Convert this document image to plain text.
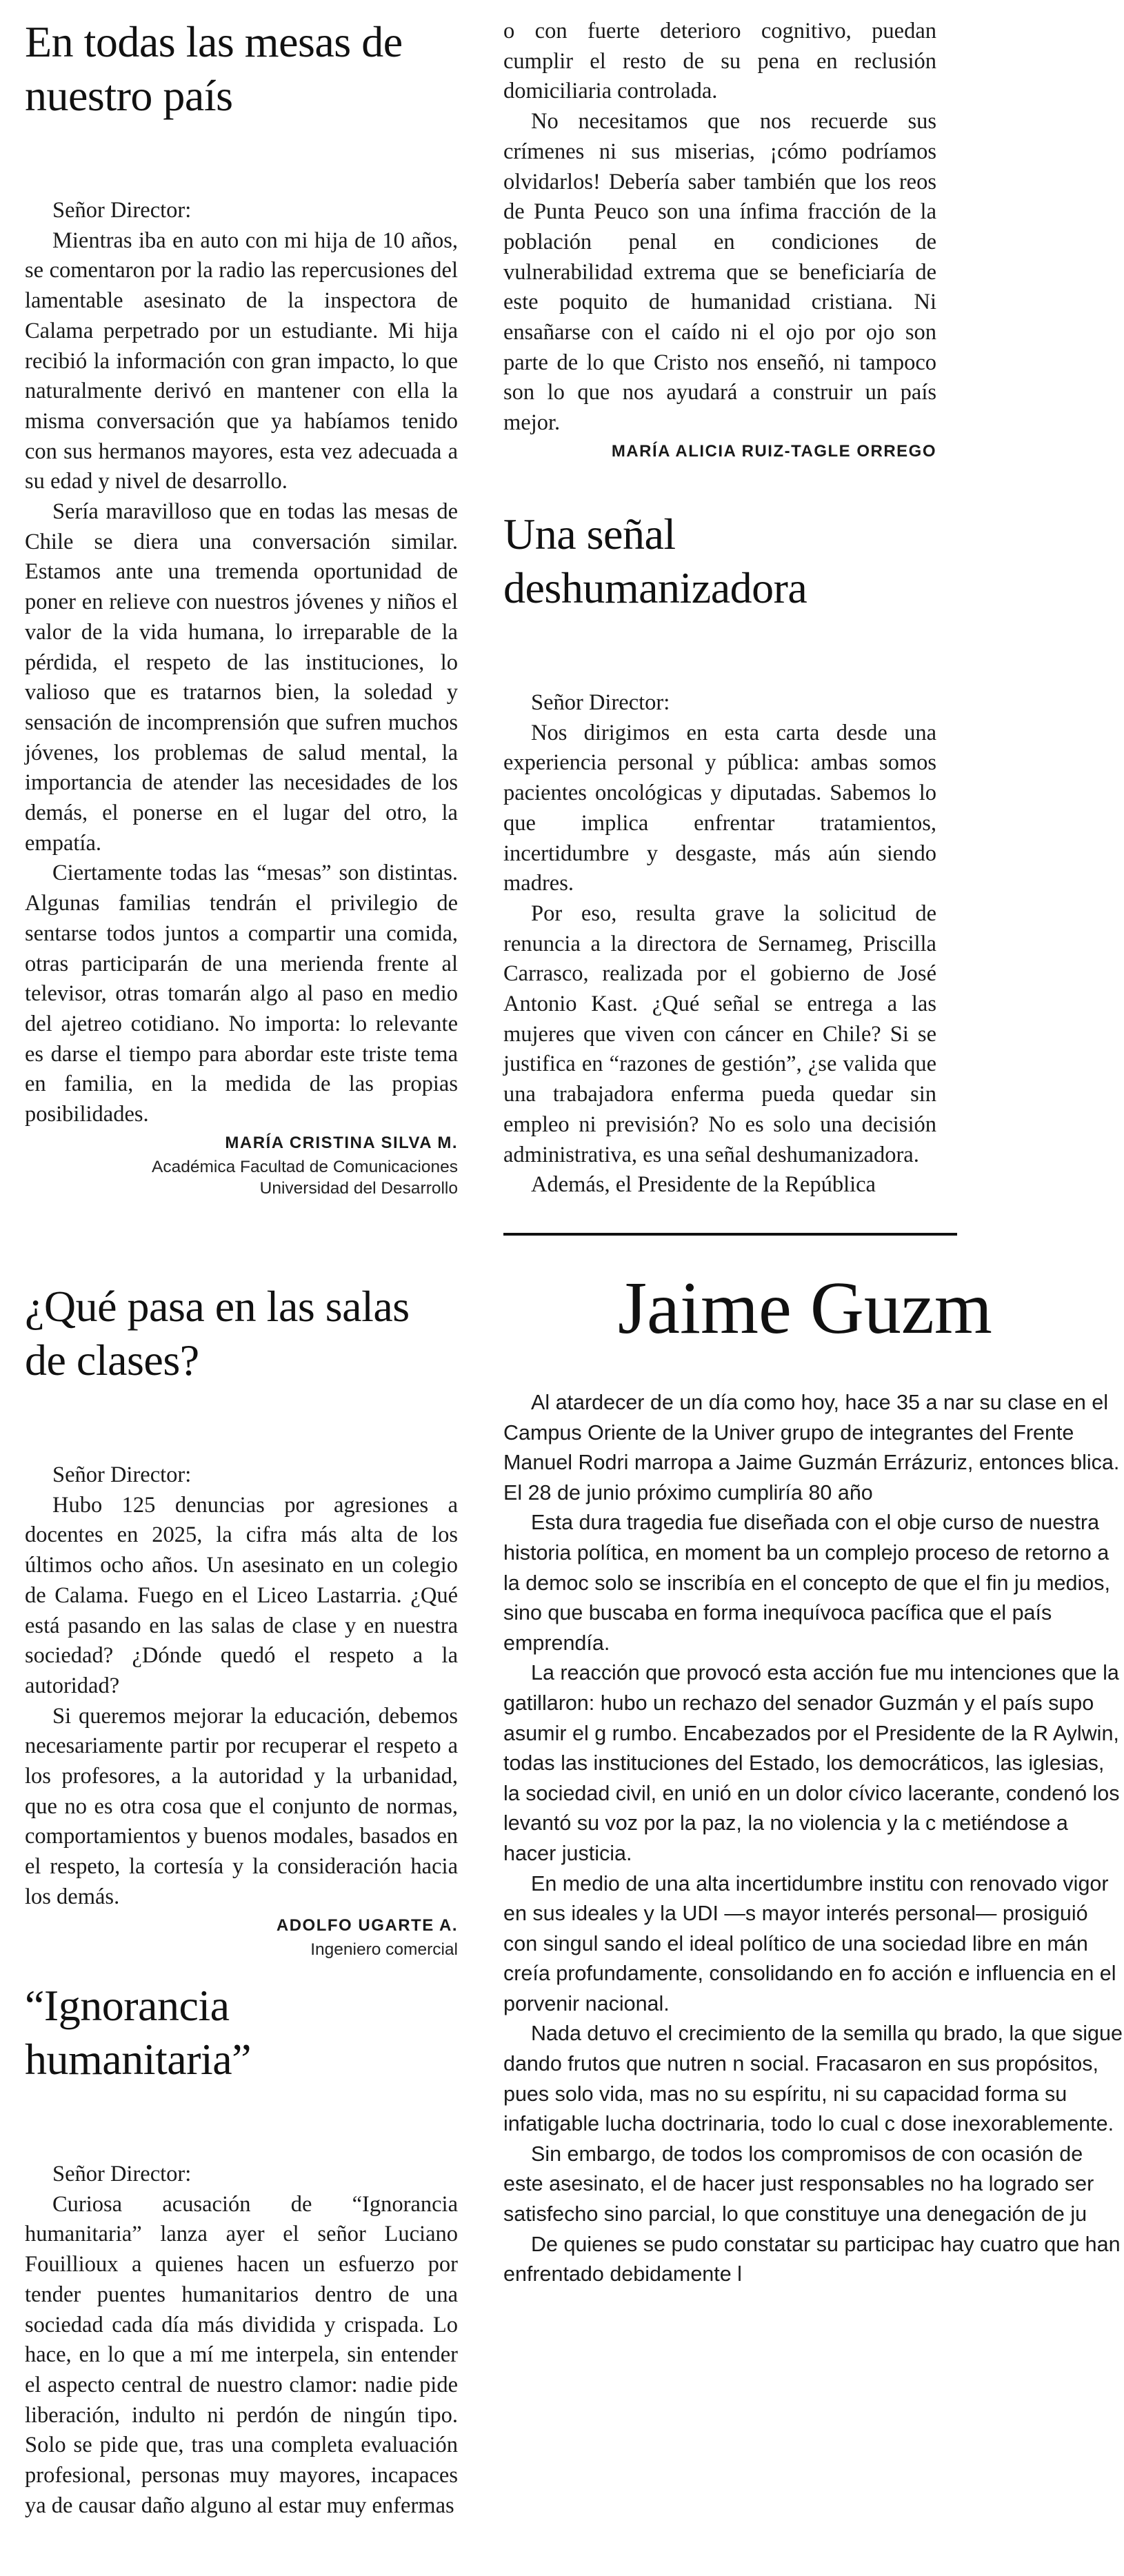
En todas las mesas de nuestro país

Señor Director:

Mientras iba en auto con mi hija de 10 años, se comentaron por la radio las repercusiones del lamentable asesinato de la inspectora de Calama perpetrado por un estudiante. Mi hija recibió la información con gran impacto, lo que naturalmente derivó en mantener con ella la misma conversación que ya habíamos tenido con sus hermanos mayores, esta vez adecuada a su edad y nivel de desarrollo.

Sería maravilloso que en todas las mesas de Chile se diera una conversación similar. Estamos ante una tremenda oportunidad de poner en relieve con nuestros jóvenes y niños el valor de la vida humana, lo irreparable de la pérdida, el respeto de las instituciones, lo valioso que es tratarnos bien, la soledad y sensación de incomprensión que sufren muchos jóvenes, los problemas de salud mental, la importancia de atender las necesidades de los demás, el ponerse en el lugar del otro, la empatía.

Ciertamente todas las “mesas” son distintas. Algunas familias tendrán el privilegio de sentarse todos juntos a compartir una comida, otras participarán de una merienda frente al televisor, otras tomarán algo al paso en medio del ajetreo cotidiano. No importa: lo relevante es darse el tiempo para abordar este triste tema en familia, en la medida de las propias posibilidades.

MARÍA CRISTINA SILVA M.
Académica Facultad de Comunicaciones
Universidad del Desarrollo
¿Qué pasa en las salas de clases?

Señor Director:

Hubo 125 denuncias por agresiones a docentes en 2025, la cifra más alta de los últimos ocho años. Un asesinato en un colegio de Calama. Fuego en el Liceo Lastarria. ¿Qué está pasando en las salas de clase y en nuestra sociedad? ¿Dónde quedó el respeto a la autoridad?

Si queremos mejorar la educación, debemos necesariamente partir por recuperar el respeto a los profesores, a la autoridad y la urbanidad, que no es otra cosa que el conjunto de normas, comportamientos y buenos modales, basados en el respeto, la cortesía y la consideración hacia los demás.

ADOLFO UGARTE A.
Ingeniero comercial
“Ignorancia humanitaria”

Señor Director:

Curiosa acusación de “Ignorancia humanitaria” lanza ayer el señor Luciano Fouillioux a quienes hacen un esfuerzo por tender puentes humanitarios dentro de una sociedad cada día más dividida y crispada. Lo hace, en lo que a mí me interpela, sin entender el aspecto central de nuestro clamor: nadie pide liberación, indulto ni perdón de ningún tipo. Solo se pide que, tras una completa evaluación profesional, personas muy mayores, incapaces ya de causar daño alguno al estar muy enfermas

o con fuerte deterioro cognitivo, puedan cumplir el resto de su pena en reclusión domiciliaria controlada.

No necesitamos que nos recuerde sus crímenes ni sus miserias, ¡cómo podríamos olvidarlos! Debería saber también que los reos de Punta Peuco son una ínfima fracción de la población penal en condiciones de vulnerabilidad extrema que se beneficiaría de este poquito de humanidad cristiana. Ni ensañarse con el caído ni el ojo por ojo son parte de lo que Cristo nos enseñó, ni tampoco son lo que nos ayudará a construir un país mejor.

MARÍA ALICIA RUIZ-TAGLE ORREGO
Una señal deshumanizadora

Señor Director:

Nos dirigimos en esta carta desde una experiencia personal y pública: ambas somos pacientes oncológicas y diputadas. Sabemos lo que implica enfrentar tratamientos, incertidumbre y desgaste, más aún siendo madres.

Por eso, resulta grave la solicitud de renuncia a la directora de Sernameg, Priscilla Carrasco, realizada por el gobierno de José Antonio Kast. ¿Qué señal se entrega a las mujeres que viven con cáncer en Chile? Si se justifica en “razones de gestión”, ¿se valida que una trabajadora enferma pueda quedar sin empleo ni previsión? No es solo una decisión administrativa, es una señal deshumanizadora.

Además, el Presidente de la República

Jaime Guzm

Al atardecer de un día como hoy, hace 35 a nar su clase en el Campus Oriente de la Univer grupo de integrantes del Frente Manuel Rodri marropa a Jaime Guzmán Errázuriz, entonces blica. El 28 de junio próximo cumpliría 80 año

Esta dura tragedia fue diseñada con el obje curso de nuestra historia política, en moment ba un complejo proceso de retorno a la democ solo se inscribía en el concepto de que el fin ju medios, sino que buscaba en forma inequívoca pacífica que el país emprendía.

La reacción que provocó esta acción fue mu intenciones que la gatillaron: hubo un rechazo del senador Guzmán y el país supo asumir el g rumbo. Encabezados por el Presidente de la R Aylwin, todas las instituciones del Estado, los democráticos, las iglesias, la sociedad civil, en unió en un dolor cívico lacerante, condenó los levantó su voz por la paz, la no violencia y la c metiéndose a hacer justicia.

En medio de una alta incertidumbre institu con renovado vigor en sus ideales y la UDI —s mayor interés personal— prosiguió con singul sando el ideal político de una sociedad libre en mán creía profundamente, consolidando en fo acción e influencia en el porvenir nacional.

Nada detuvo el crecimiento de la semilla qu brado, la que sigue dando frutos que nutren n social. Fracasaron en sus propósitos, pues solo vida, mas no su espíritu, ni su capacidad forma su infatigable lucha doctrinaria, todo lo cual c dose inexorablemente.

Sin embargo, de todos los compromisos de con ocasión de este asesinato, el de hacer just responsables no ha logrado ser satisfecho sino parcial, lo que constituye una denegación de ju

De quienes se pudo constatar su participac hay cuatro que han enfrentado debidamente l
